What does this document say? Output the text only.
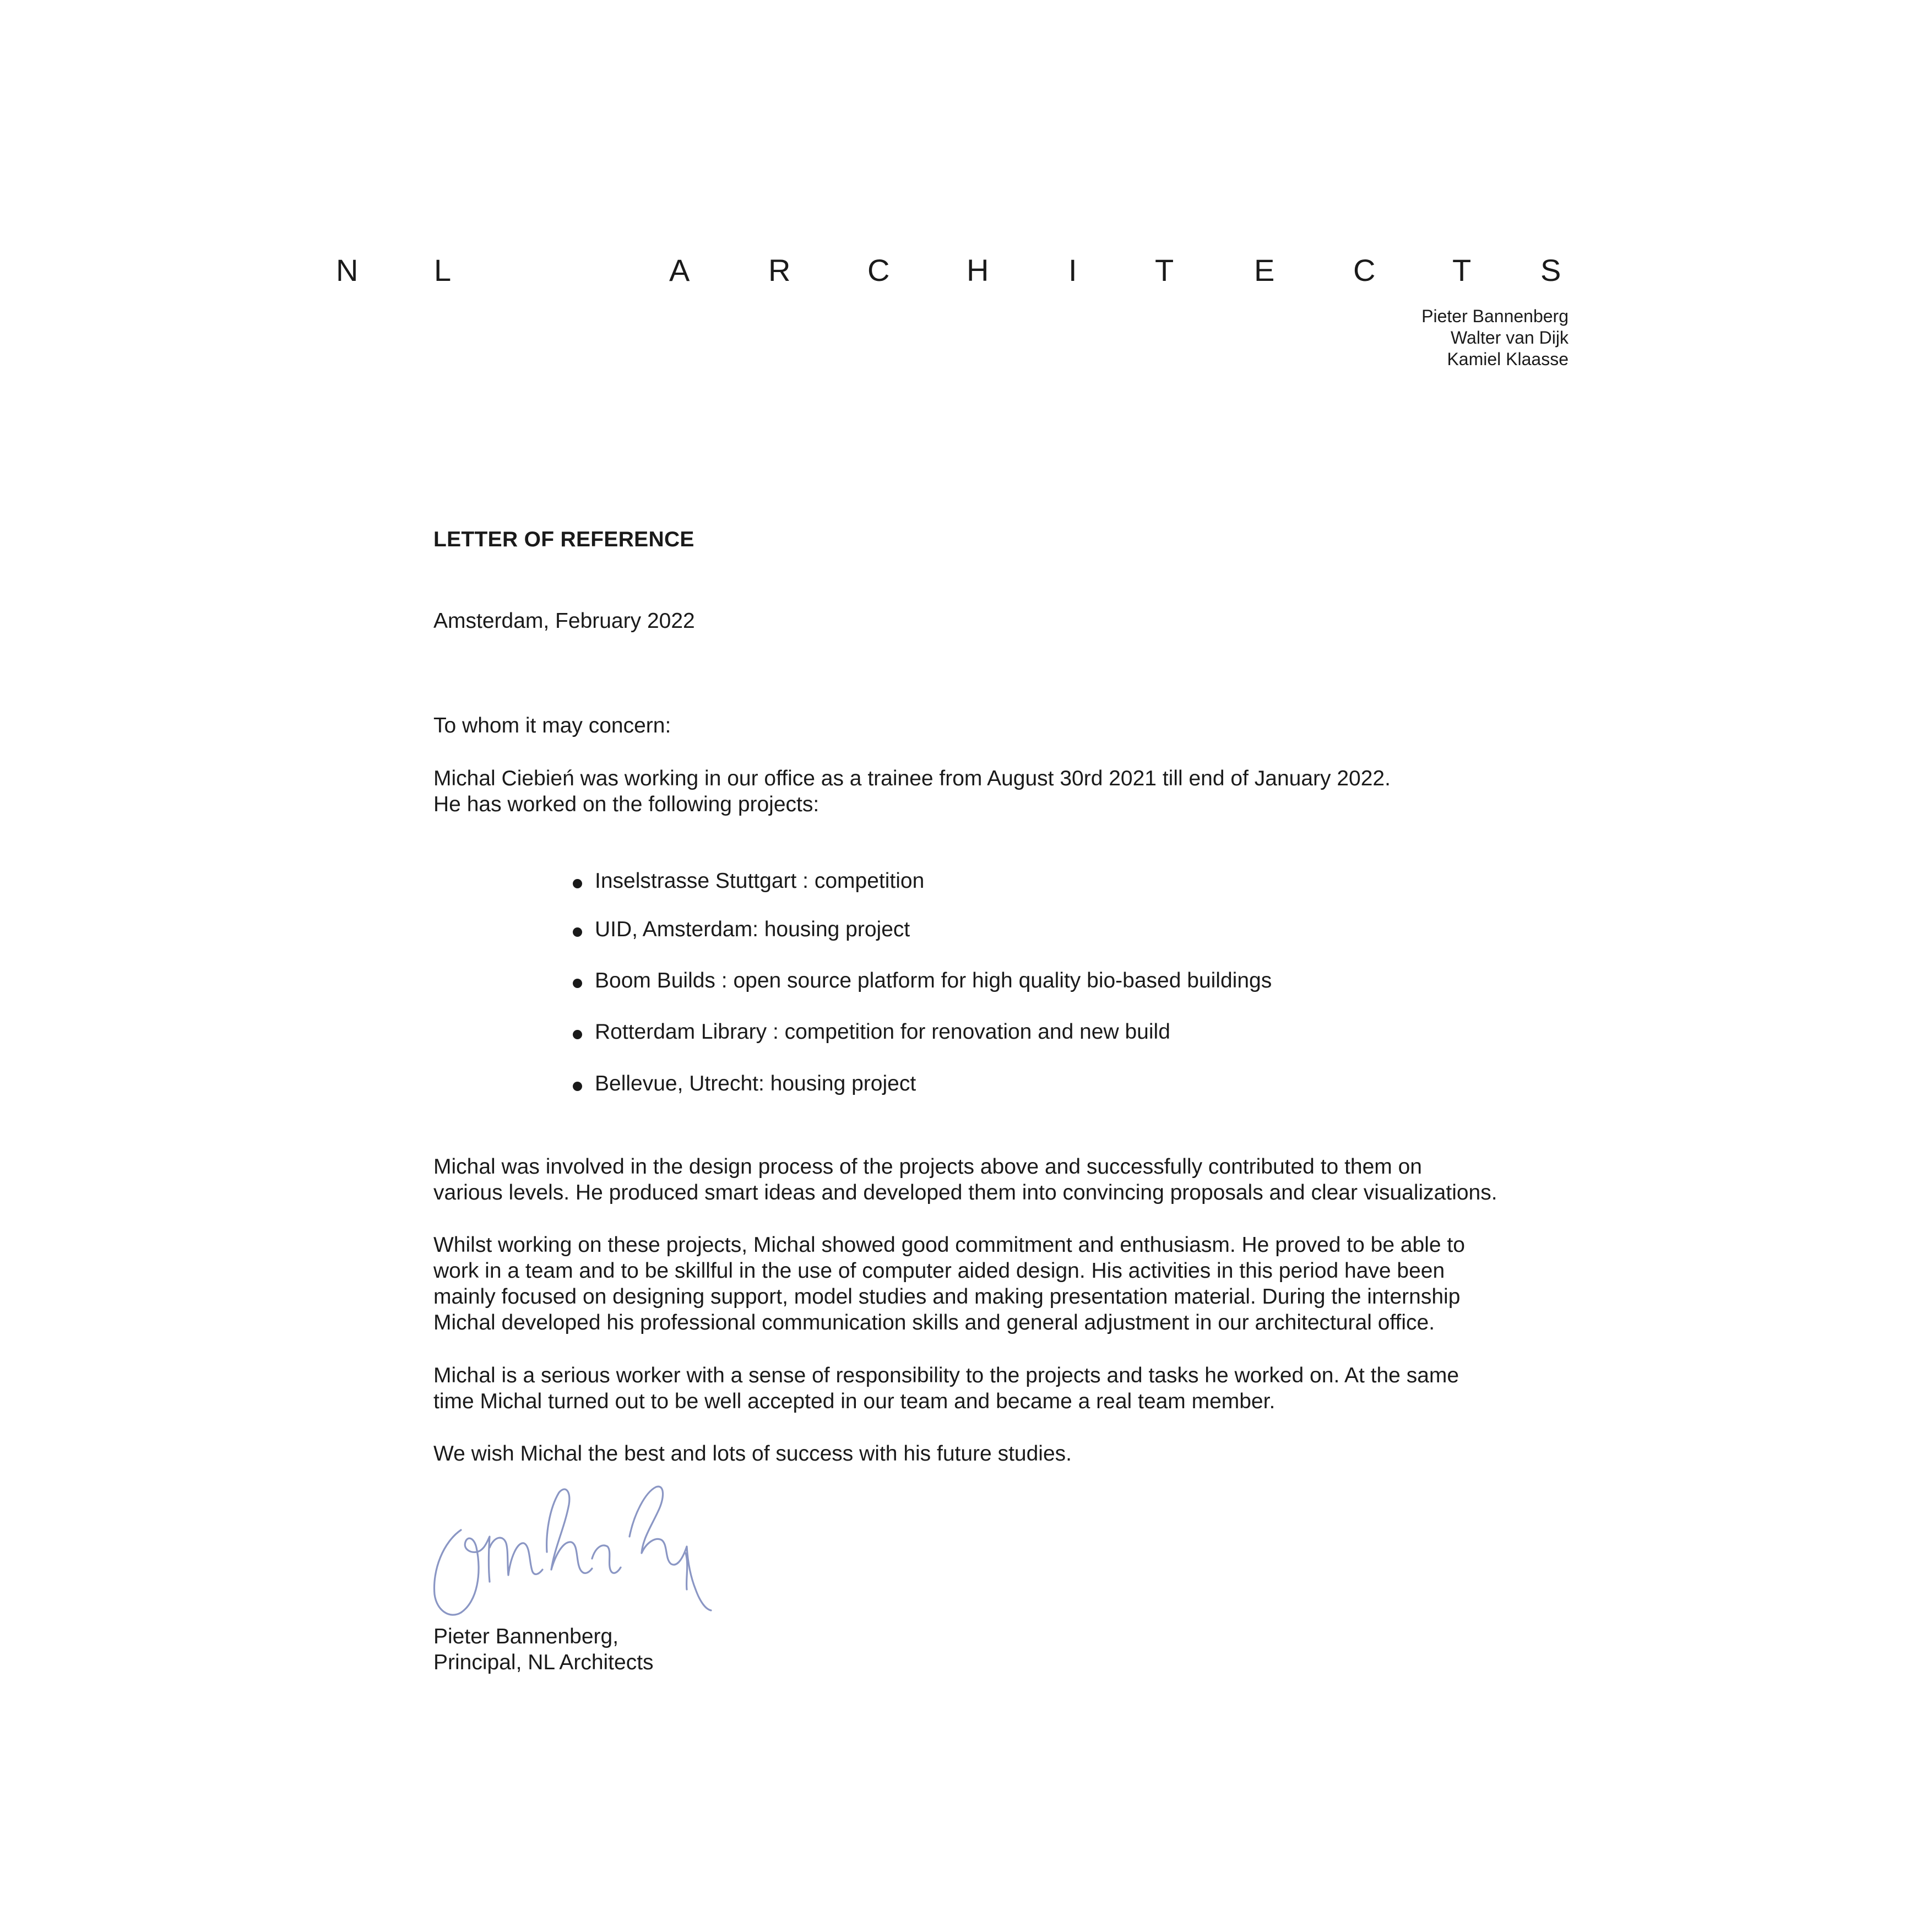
N L	A	R C H	I	T	E	C T S
Pieter Bannenberg
Walter van Dijk
Kamiel Klaasse
LETTER OF REFERENCE
Amsterdam, February 2022
To whom it may concern:
Michal Ciebień was working in our office as a trainee from August 30rd 2021 till end of January 2022.
He has worked on the following projects:
Inselstrasse Stuttgart : competition
UID, Amsterdam: housing project
Boom Builds : open source platform for high quality bio-based buildings
Rotterdam Library : competition for renovation and new build
Bellevue, Utrecht: housing project
Michal was involved in the design process of the projects above and successfully contributed to them on
various levels. He produced smart ideas and developed them into convincing proposals and clear visualizations.
Whilst working on these projects, Michal showed good commitment and enthusiasm. He proved to be able to
work in a team and to be skillful in the use of computer aided design. His activities in this period have been
mainly focused on designing support, model studies and making presentation material. During the internship
Michal developed his professional communication skills and general adjustment in our architectural office.
Michal is a serious worker with a sense of responsibility to the projects and tasks he worked on. At the same
time Michal turned out to be well accepted in our team and became a real team member.
We wish Michal the best and lots of success with his future studies.
Pieter Bannenberg,
Principal, NL Architects
